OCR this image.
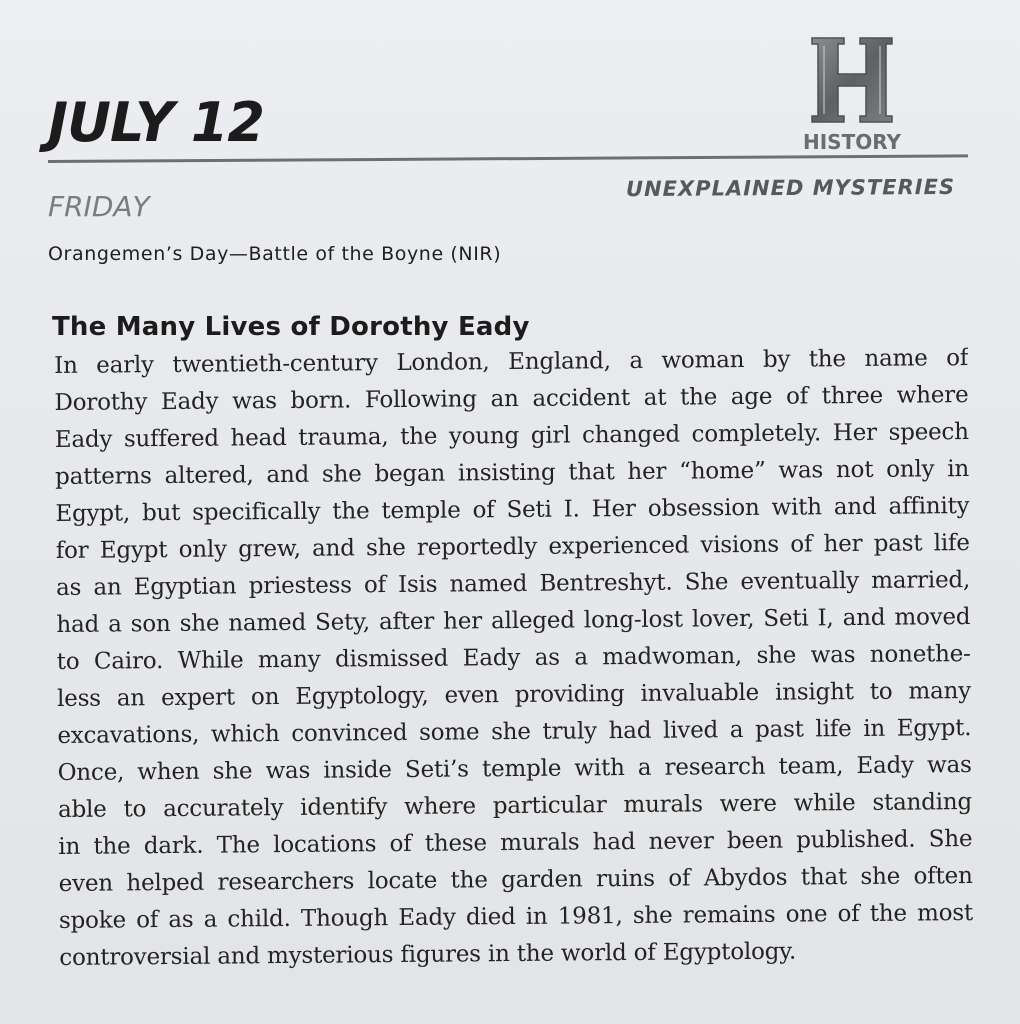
JULY 12	HISTORY
FRIDAY
UNEXPLAINED MYSTERIES
Orangemen’s Day—Battle of the Boyne (NIR)
The Many Lives of Dorothy Eady
In early twentieth-century London, England, a woman by the name of
Dorothy Eady was born. Following an accident at the age of three where
Eady suffered head trauma, the young girl changed completely. Her speech
patterns altered, and she began insisting that her “home” was not only in
Egypt, but specifically the temple of Seti I. Her obsession with and affinity
for Egypt only grew, and she reportedly experienced visions of her past life
as an Egyptian priestess of Isis named Bentreshyt. She eventually married,
had a son she named Sety, after her alleged long-lost lover, Seti I, and moved
to Cairo. While many dismissed Eady as a madwoman, she was nonethe-
less an expert on Egyptology, even providing invaluable insight to many
excavations, which convinced some she truly had lived a past life in Egypt.
Once, when she was inside Seti’s temple with a research team, Eady was
able to accurately identify where particular murals were while standing
in the dark. The locations of these murals had never been published. She
even helped researchers locate the garden ruins of Abydos that she often
spoke of as a child. Though Eady died in 1981, she remains one of the most
controversial and mysterious figures in the world of Egyptology.
